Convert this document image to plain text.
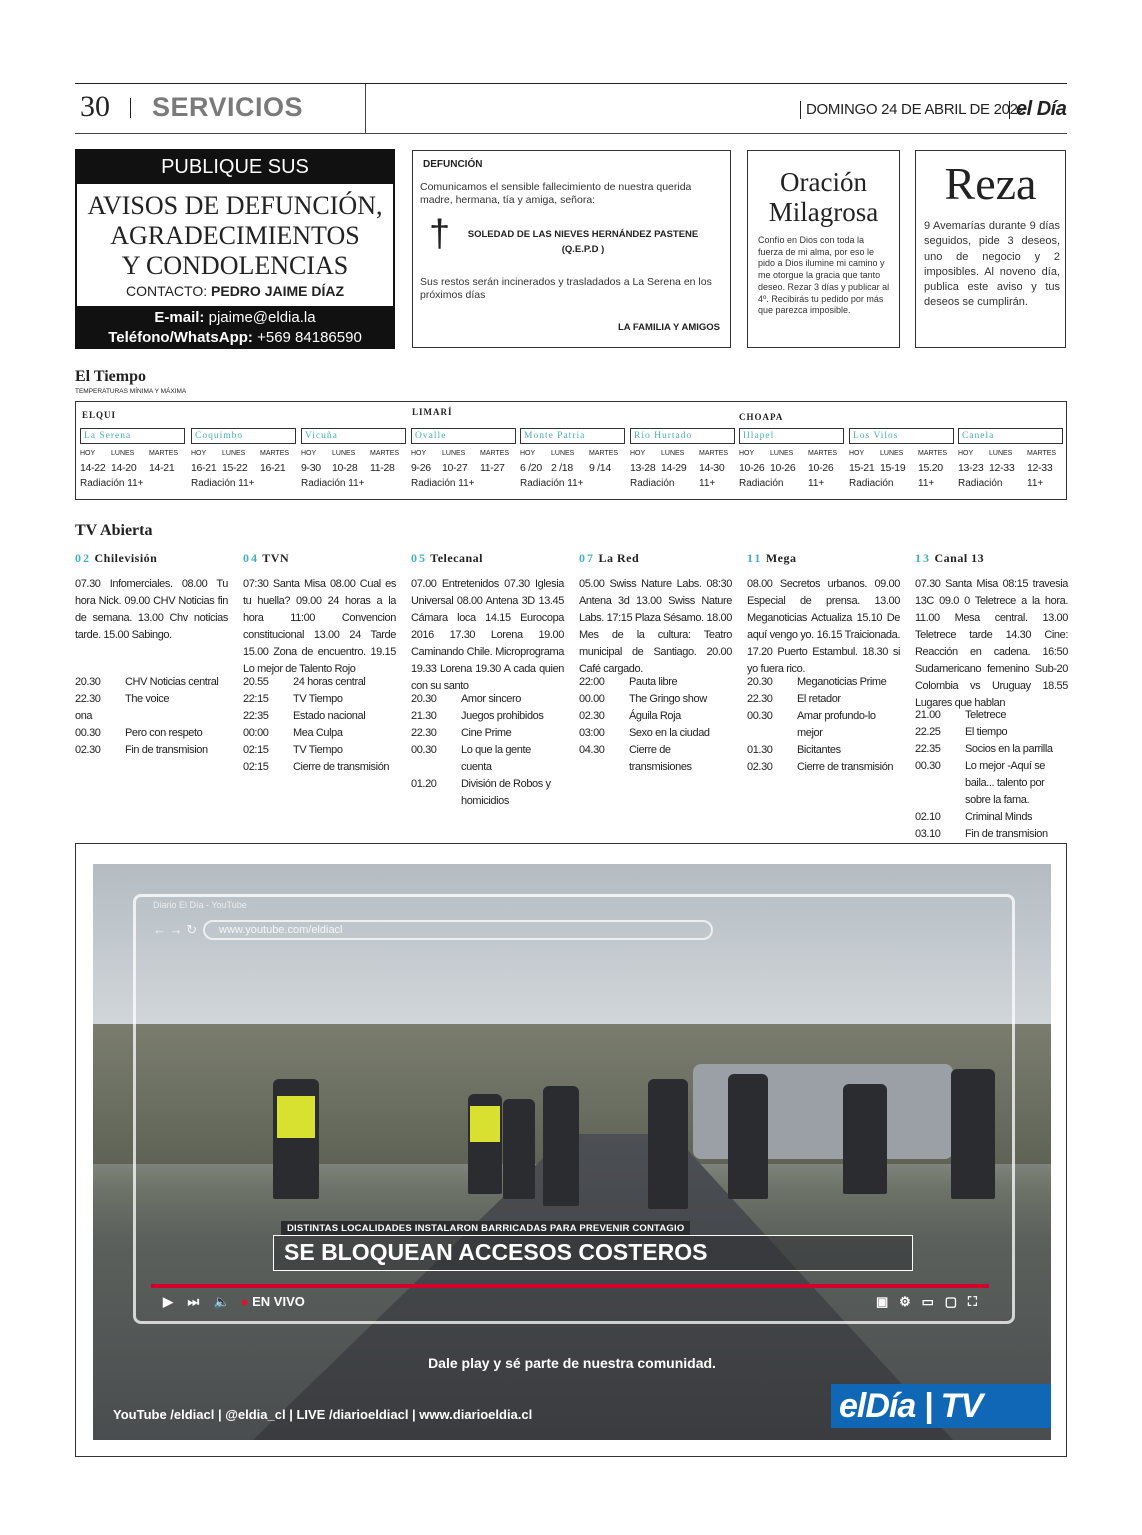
30 SERVICIOS	DOMINGO 24 DE ABRIL DE 2022
el Día
PUBLIQUE SUS
AVISOS DE DEFUNCIÓN,
AGRADECIMIENTOS
Y CONDOLENCIAS
CONTACTO: PEDRO JAIME DÍAZ
E-mail: pjaime@eldia.la
Teléfono/WhatsApp: +569 84186590
DEFUNCIÓN
Comunicamos el sensible fallecimiento de nuestra querida madre, hermana, tía y amiga, señora:
†	SOLEDAD DE LAS NIEVES HERNÁNDEZ PASTENE
(Q.E.P.D )
Sus restos serán incinerados y trasladados a La Serena en los próximos días
LA FAMILIA Y AMIGOS
Oración
Milagrosa
Confío en Dios con toda la fuerza de mi alma, por eso le pido a Dios ilumine mi camino y me otorgue la gracia que tanto deseo. Rezar 3 días y publicar al 4º. Recibirás tu pedido por más que parezca imposible.
Reza
9 Avemarías durante 9 días seguidos, pide 3 deseos, uno de negocio y 2 imposibles. Al noveno día, publica este aviso y tus deseos se cumplirán.
El Tiempo
TEMPERATURAS MÍNIMA Y MÁXIMA
ELQUI	LIMARÍ	CHOAPA
La Serena
HOY LUNES MARTES
14-22 14-20 14-21
Radiación 11+
Coquimbo
HOY LUNES MARTES
16-21 15-22 16-21
Radiación 11+
Vicuña
HOY LUNES MARTES
9-30 10-28 11-28
Radiación 11+
Ovalle
HOY LUNES MARTES
9-26 10-27 11-27
Radiación 11+
Monte Patria
HOY LUNES MARTES
6 /20 2 /18 9 /14
Radiación 11+
Río Hurtado
HOY LUNES MARTES
13-28 14-29 14-30
Radiación 11+
Illapel
HOY LUNES MARTES
10-26 10-26 10-26
Radiación 11+
Los Vilos
HOY LUNES MARTES
15-21 15-19 15.20
Radiación 11+
Canela
HOY LUNES MARTES
13-23 12-33 12-33
Radiación 11+
TV Abierta
02 Chilevisión
07.30 Infomerciales. 08.00 Tu hora Nick. 09.00 CHV Noticias fin de semana. 13.00 Chv noticias tarde. 15.00 Sabingo.
20.30	CHV Noticias central
22.30	The voice
ona
00.30	Pero con respeto
02.30	Fin de transmision
04 TVN
07:30 Santa Misa 08.00 Cual es tu huella? 09.00 24 horas a la hora 11:00 Convencion constitucional 13.00 24 Tarde 15.00 Zona de encuentro. 19.15 Lo mejor de Talento Rojo
20.55	24 horas central
22:15	TV Tiempo
22:35	Estado nacional
00:00	Mea Culpa
02:15	TV Tiempo
02:15	Cierre de transmisión
05 Telecanal
07.00 Entretenidos 07.30 Iglesia Universal 08.00 Antena 3D 13.45 Cámara loca 14.15 Eurocopa 2016 17.30 Lorena 19.00 Caminando Chile. Microprograma 19.33 Lorena 19.30 A cada quien con su santo
20.30	Amor sincero
21.30	Juegos prohibidos
22.30	Cine Prime
00.30	Lo que la gente cuenta
01.20	División de Robos y homicidios
07 La Red
05.00 Swiss Nature Labs. 08:30 Antena 3d 13.00 Swiss Nature Labs. 17:15 Plaza Sésamo. 18.00 Mes de la cultura: Teatro municipal de Santiago. 20.00 Café cargado.
22:00	Pauta libre
00.00	The Gringo show
02.30	Águila Roja
03:00	Sexo en la ciudad
04.30	Cierre de transmisiones
11 Mega
08.00 Secretos urbanos. 09.00 Especial de prensa. 13.00 Meganoticias Actualiza 15.10 De aquí vengo yo. 16.15 Traicionada. 17.20 Puerto Estambul. 18.30 si yo fuera rico.
20.30	Meganoticias Prime
22.30	El retador
00.30	Amar profundo-lo mejor
01.30	Bicitantes
02.30	Cierre de transmisión
13 Canal 13
07.30 Santa Misa 08:15 travesia 13C 09.0 0 Teletrece a la hora. 11.00 Mesa central. 13.00 Teletrece tarde 14.30 Cine: Reacción en cadena. 16:50 Sudamericano femenino Sub-20 Colombia vs Uruguay 18.55 Lugares que hablan
21.00	Teletrece
22.25	El tiempo
22.35	Socios en la parrilla
00.30	Lo mejor -Aquí se baila... talento por sobre la fama.
02.10	Criminal Minds
03.10	Fin de transmision
Diario El Día - YouTube
← → ↻	www.youtube.com/eldiacl
DISTINTAS LOCALIDADES INSTALARON BARRICADAS PARA PREVENIR CONTAGIO
SE BLOQUEAN ACCESOS COSTEROS
▶ ⏭ 🔈 ● EN VIVO	▣   ⚙   ▭   ▢   ⛶
Dale play y sé parte de nuestra comunidad.
elDía | TV
YouTube /eldiacl | @eldia_cl | LIVE /diarioeldiacl | www.diarioeldia.cl
